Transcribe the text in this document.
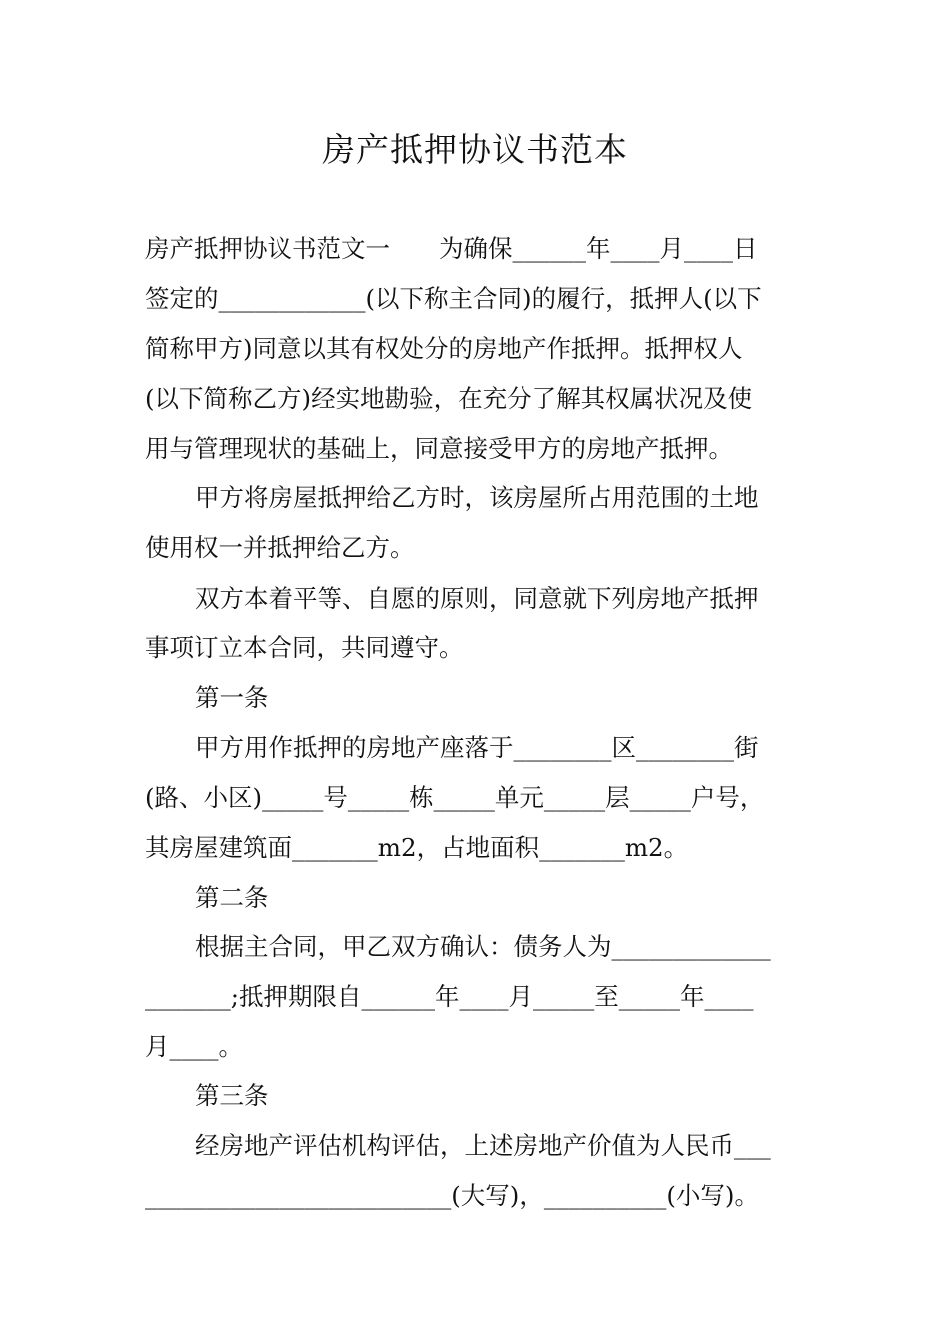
房产抵押协议书范本
房产抵押协议书范文一　　为确保______年____月____日
签定的____________(以下称主合同)的履行，抵押人(以下
简称甲方)同意以其有权处分的房地产作抵押。抵押权人
(以下简称乙方)经实地勘验，在充分了解其权属状况及使
用与管理现状的基础上，同意接受甲方的房地产抵押。
甲方将房屋抵押给乙方时，该房屋所占用范围的土地
使用权一并抵押给乙方。
双方本着平等、自愿的原则，同意就下列房地产抵押
事项订立本合同，共同遵守。
第一条
甲方用作抵押的房地产座落于________区________街
(路、小区)_____号_____栋_____单元_____层_____户号，
其房屋建筑面_______m2，占地面积_______m2。
第二条
根据主合同，甲乙双方确认：债务人为_____________
_______;抵押期限自______年____月_____至_____年____
月____。
第三条
经房地产评估机构评估，上述房地产价值为人民币___
_________________________(大写)，__________(小写)。
